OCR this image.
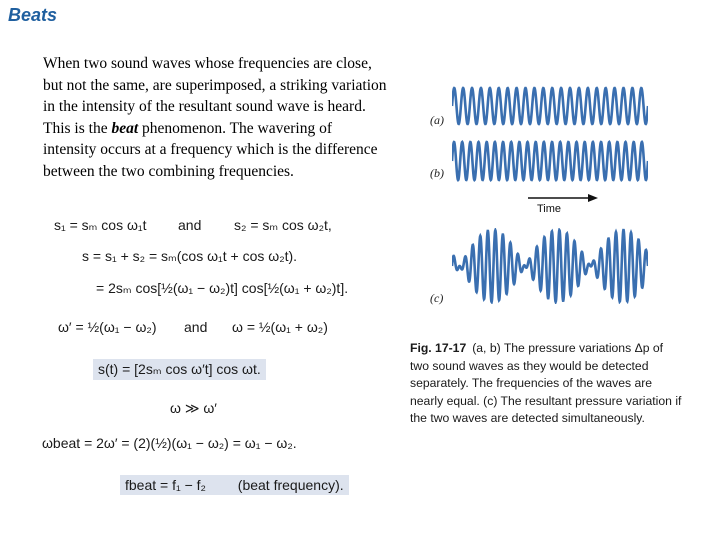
Beats
When two sound waves whose frequencies are close, but not the same, are superimposed, a striking variation in the intensity of the resultant sound wave is heard. This is the beat phenomenon. The wavering of intensity occurs at a frequency which is the difference between the two combining frequencies.
s₁ = sₘ cos ω₁t and s₂ = sₘ cos ω₂t,
s = s₁ + s₂ = sₘ(cos ω₁t + cos ω₂t).
= 2sₘ cos[½(ω₁ − ω₂)t] cos[½(ω₁ + ω₂)t].
ω′ = ½(ω₁ − ω₂) and ω = ½(ω₁ + ω₂)
s(t) = [2sₘ cos ω′t] cos ωt.
ω ≫ ω′
ωbeat = 2ω′ = (2)(½)(ω₁ − ω₂) = ω₁ − ω₂.
fbeat = f₁ − f₂ (beat frequency).
(a)
(b)
Time
(c)
Fig. 17-17 (a, b) The pressure variations Δp of two sound waves as they would be detected separately. The frequencies of the waves are nearly equal. (c) The resultant pressure variation if the two waves are detected simultaneously.
